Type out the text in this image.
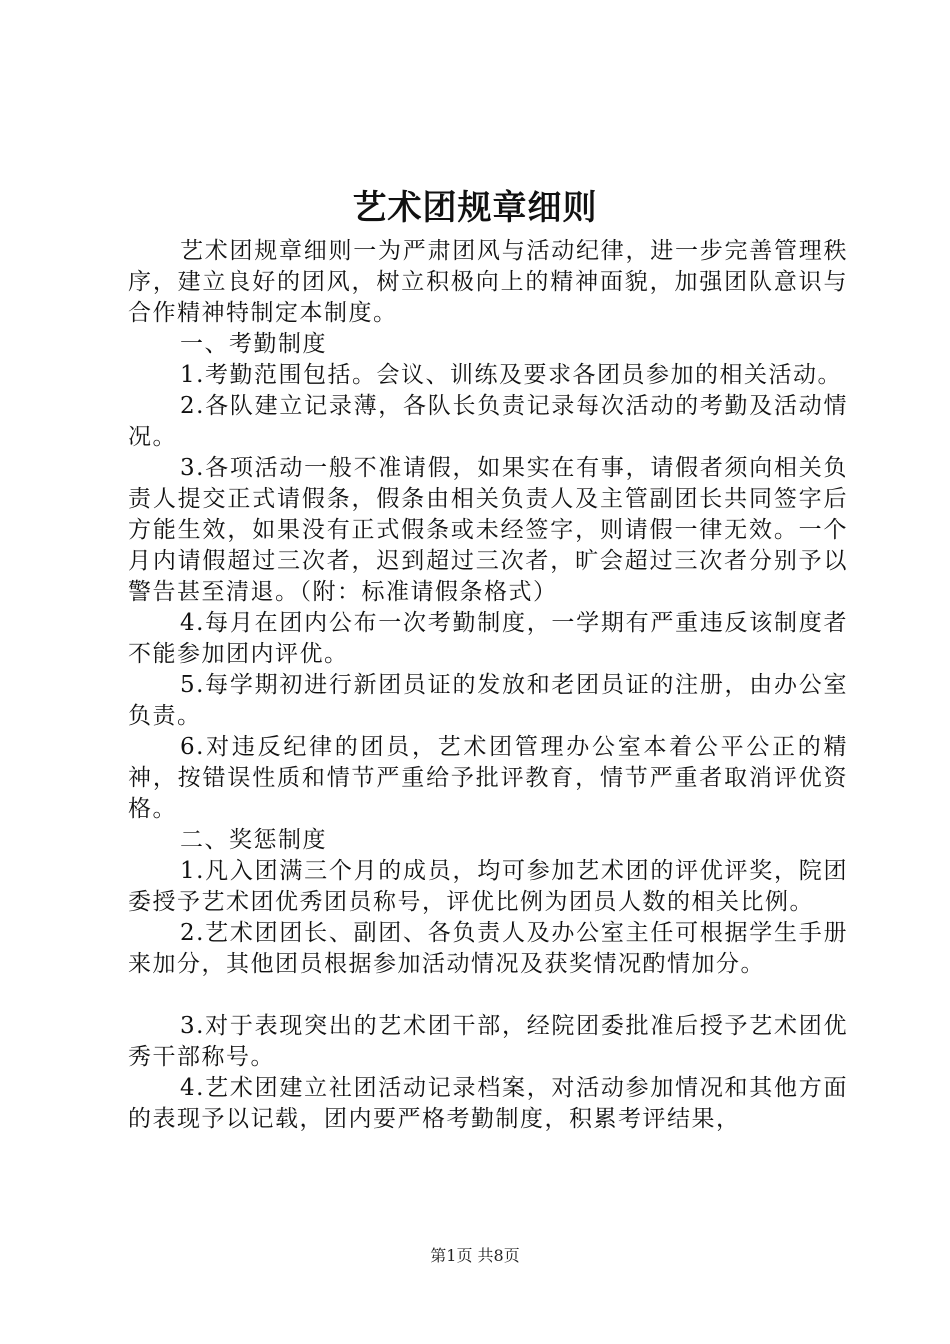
艺术团规章细则

艺术团规章细则一为严肃团风与活动纪律，进一步完善管理秩序，建立良好的团风，树立积极向上的精神面貌，加强团队意识与合作精神特制定本制度。

一、考勤制度

1.考勤范围包括。会议、训练及要求各团员参加的相关活动。

2.各队建立记录薄，各队长负责记录每次活动的考勤及活动情况。

3.各项活动一般不准请假，如果实在有事，请假者须向相关负责人提交正式请假条，假条由相关负责人及主管副团长共同签字后方能生效，如果没有正式假条或未经签字，则请假一律无效。一个月内请假超过三次者，迟到超过三次者，旷会超过三次者分别予以警告甚至清退。（附：标准请假条格式）

4.每月在团内公布一次考勤制度，一学期有严重违反该制度者不能参加团内评优。

5.每学期初进行新团员证的发放和老团员证的注册，由办公室负责。

6.对违反纪律的团员，艺术团管理办公室本着公平公正的精神，按错误性质和情节严重给予批评教育，情节严重者取消评优资格。

二、奖惩制度

1.凡入团满三个月的成员，均可参加艺术团的评优评奖，院团委授予艺术团优秀团员称号，评优比例为团员人数的相关比例。

2.艺术团团长、副团、各负责人及办公室主任可根据学生手册来加分，其他团员根据参加活动情况及获奖情况酌情加分。

3.对于表现突出的艺术团干部，经院团委批准后授予艺术团优秀干部称号。

4.艺术团建立社团活动记录档案，对活动参加情况和其他方面的表现予以记载，团内要严格考勤制度，积累考评结果，

第1页 共8页
